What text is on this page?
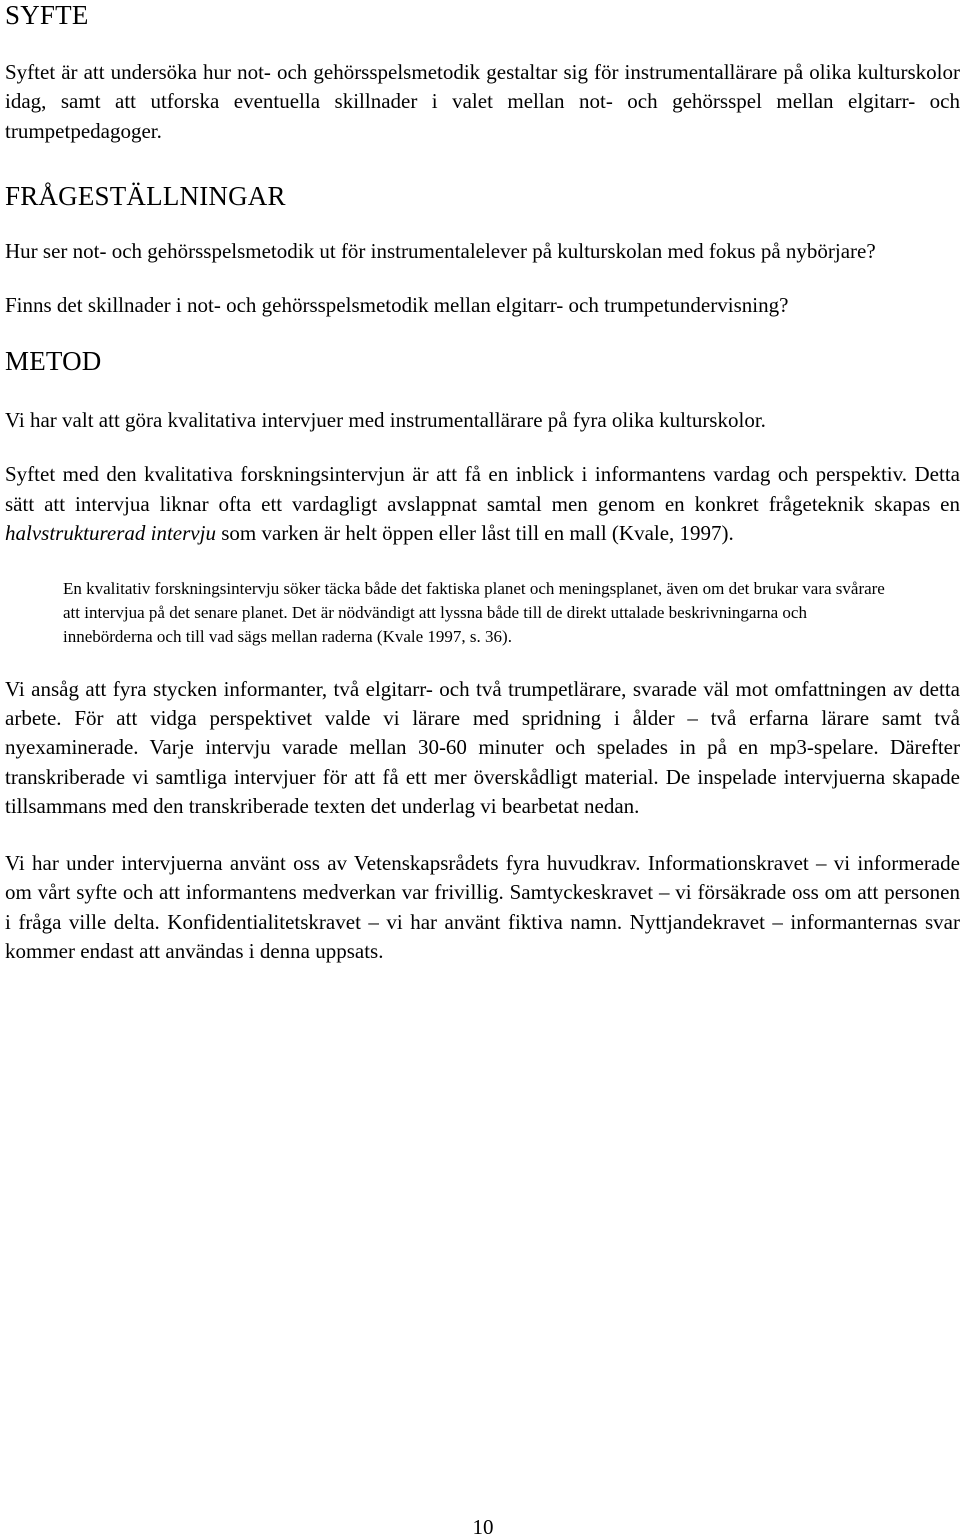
SYFTE

Syftet är att undersöka hur not- och gehörsspelsmetodik gestaltar sig för instrumentallärare på olika kulturskolor idag, samt att utforska eventuella skillnader i valet mellan not- och gehörsspel mellan elgitarr- och trumpetpedagoger.

FRÅGESTÄLLNINGAR

Hur ser not- och gehörsspelsmetodik ut för instrumentalelever på kulturskolan med fokus på nybörjare?

Finns det skillnader i not- och gehörsspelsmetodik mellan elgitarr- och trumpetundervisning?

METOD

Vi har valt att göra kvalitativa intervjuer med instrumentallärare på fyra olika kulturskolor.

Syftet med den kvalitativa forskningsintervjun är att få en inblick i informantens vardag och perspektiv. Detta sätt att intervjua liknar ofta ett vardagligt avslappnat samtal men genom en konkret frågeteknik skapas en halvstrukturerad intervju som varken är helt öppen eller låst till en mall (Kvale, 1997).

En kvalitativ forskningsintervju söker täcka både det faktiska planet och meningsplanet, även om det brukar vara svårare att intervjua på det senare planet. Det är nödvändigt att lyssna både till de direkt uttalade beskrivningarna och innebörderna och till vad sägs mellan raderna (Kvale 1997, s. 36).

Vi ansåg att fyra stycken informanter, två elgitarr- och två trumpetlärare, svarade väl mot omfattningen av detta arbete. För att vidga perspektivet valde vi lärare med spridning i ålder – två erfarna lärare samt två nyexaminerade. Varje intervju varade mellan 30-60 minuter och spelades in på en mp3-spelare. Därefter transkriberade vi samtliga intervjuer för att få ett mer överskådligt material. De inspelade intervjuerna skapade tillsammans med den transkriberade texten det underlag vi bearbetat nedan.

Vi har under intervjuerna använt oss av Vetenskapsrådets fyra huvudkrav. Informationskravet – vi informerade om vårt syfte och att informantens medverkan var frivillig. Samtyckeskravet – vi försäkrade oss om att personen i fråga ville delta. Konfidentialitetskravet – vi har använt fiktiva namn. Nyttjandekravet – informanternas svar kommer endast att användas i denna uppsats.

10
